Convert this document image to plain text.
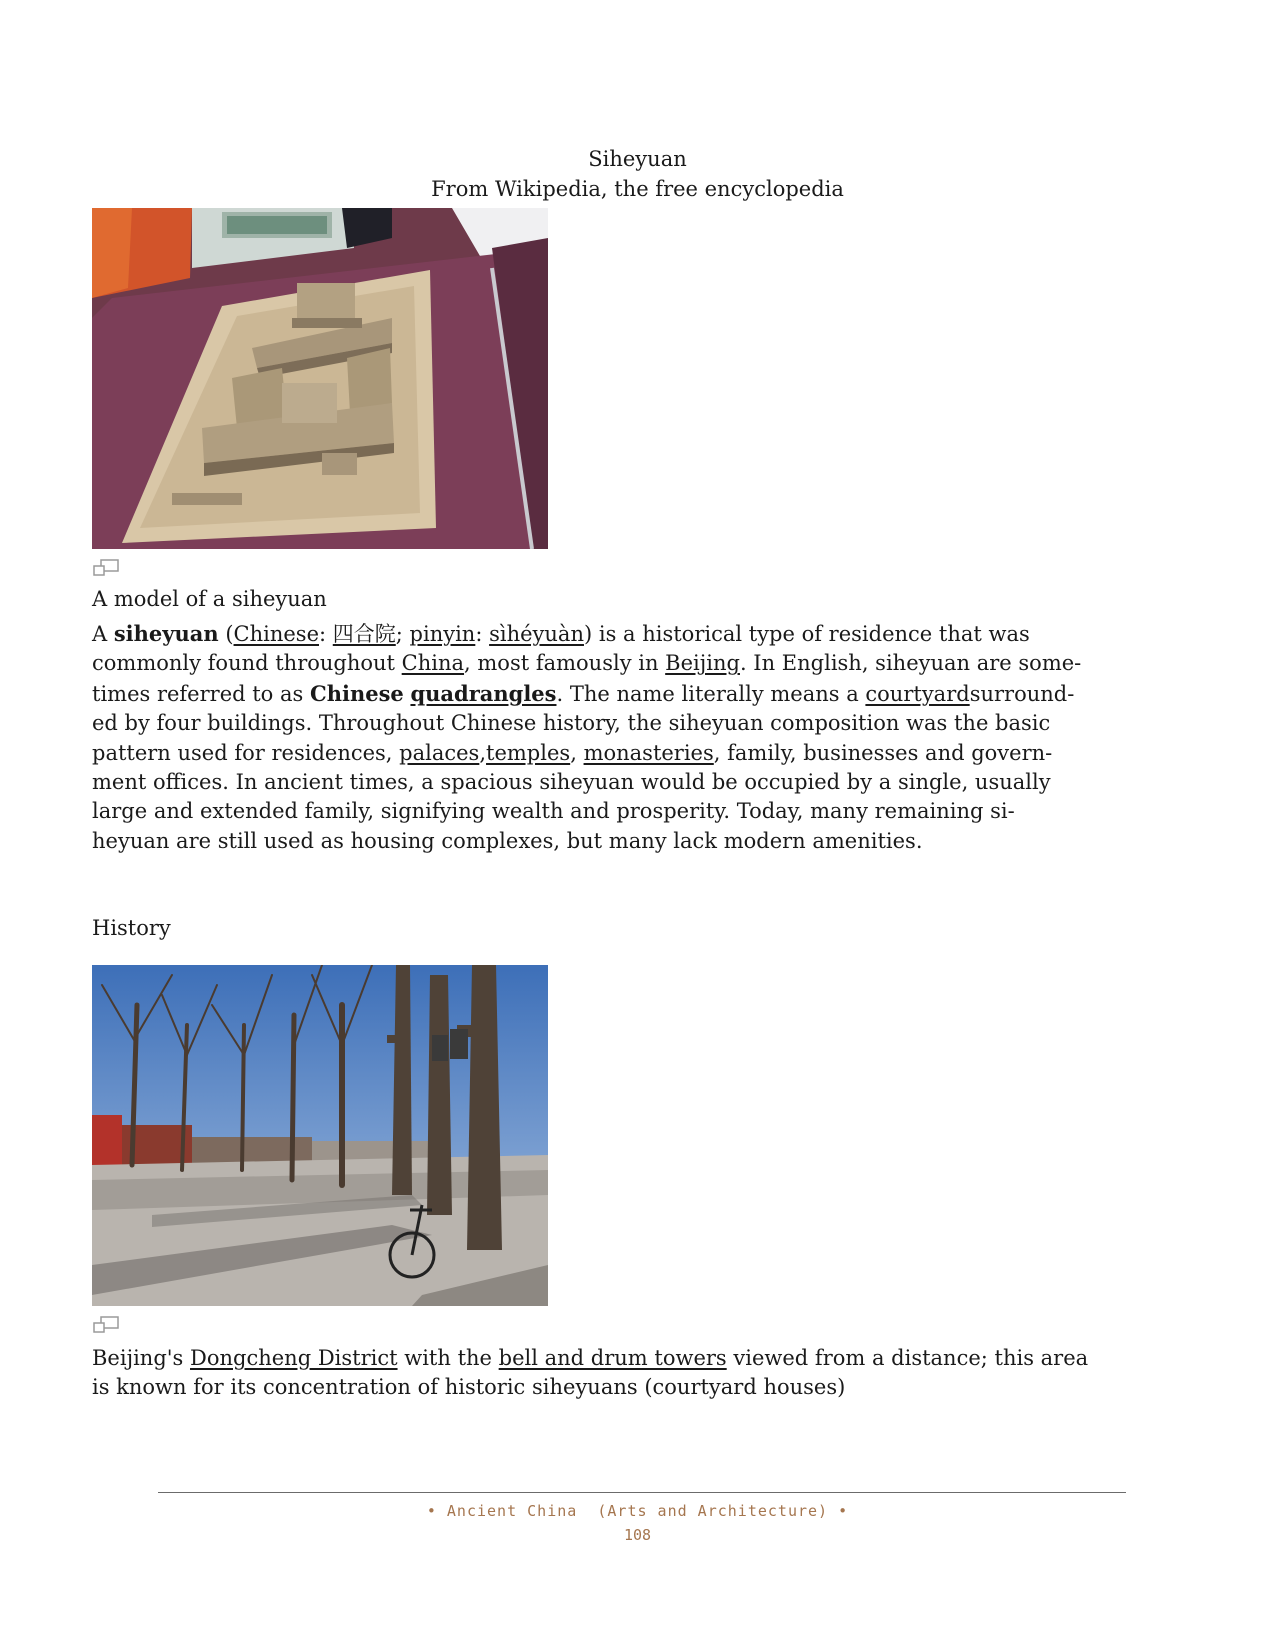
Siheyuan
From Wikipedia, the free encyclopedia
A model of a siheyuan

A siheyuan (Chinese: 四合院; pinyin: sìhéyuàn) is a historical type of residence that was
commonly found throughout China, most famously in Beijing. In English, siheyuan are some-
times referred to as Chinese quadrangles. The name literally means a courtyardsurround-
ed by four buildings. Throughout Chinese history, the siheyuan composition was the basic
pattern used for residences, palaces,temples, monasteries, family, businesses and govern-
ment offices. In ancient times, a spacious siheyuan would be occupied by a single, usually
large and extended family, signifying wealth and prosperity. Today, many remaining si-
heyuan are still used as housing complexes, but many lack modern amenities.

History

Beijing's Dongcheng District with the bell and drum towers viewed from a distance; this area
is known for its concentration of historic siheyuans (courtyard houses)

• Ancient China  (Arts and Architecture) •
108
